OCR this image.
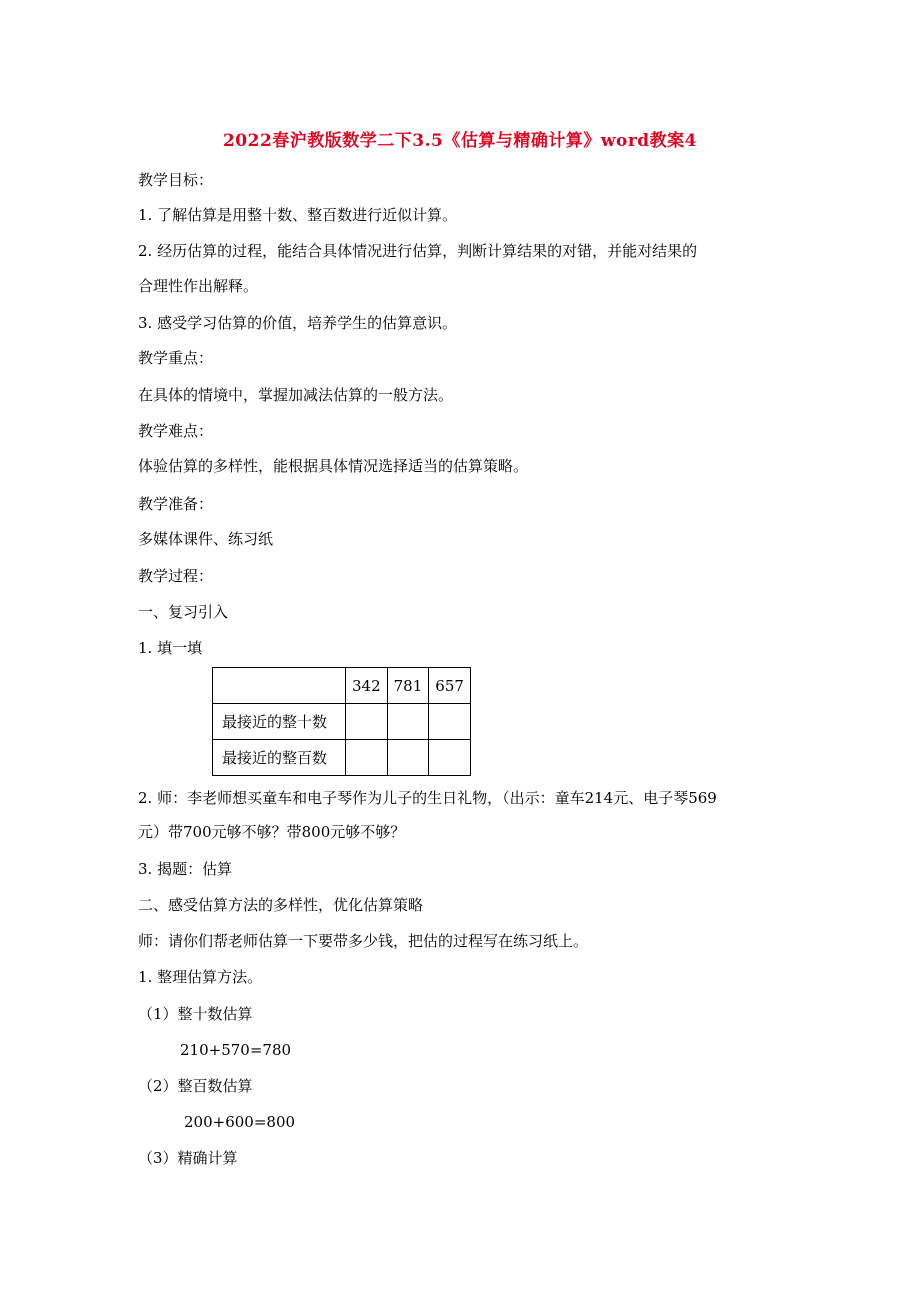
2022春沪教版数学二下3.5《估算与精确计算》word教案4
教学目标：
1. 了解估算是用整十数、整百数进行近似计算。
2. 经历估算的过程，能结合具体情况进行估算，判断计算结果的对错，并能对结果的
合理性作出解释。
3. 感受学习估算的价值，培养学生的估算意识。
教学重点：
在具体的情境中，掌握加减法估算的一般方法。
教学难点：
体验估算的多样性，能根据具体情况选择适当的估算策略。
教学准备：
多媒体课件、练习纸
教学过程：
一、复习引入
1. 填一填
	342	781	657
最接近的整十数			
最接近的整百数			
2. 师：李老师想买童车和电子琴作为儿子的生日礼物，（出示：童车214元、电子琴569
元）带700元够不够？带800元够不够？
3. 揭题：估算
二、感受估算方法的多样性，优化估算策略
师：请你们帮老师估算一下要带多少钱，把估的过程写在练习纸上。
1. 整理估算方法。
（1）整十数估算
210+570=780
（2）整百数估算
200+600=800
（3）精确计算
